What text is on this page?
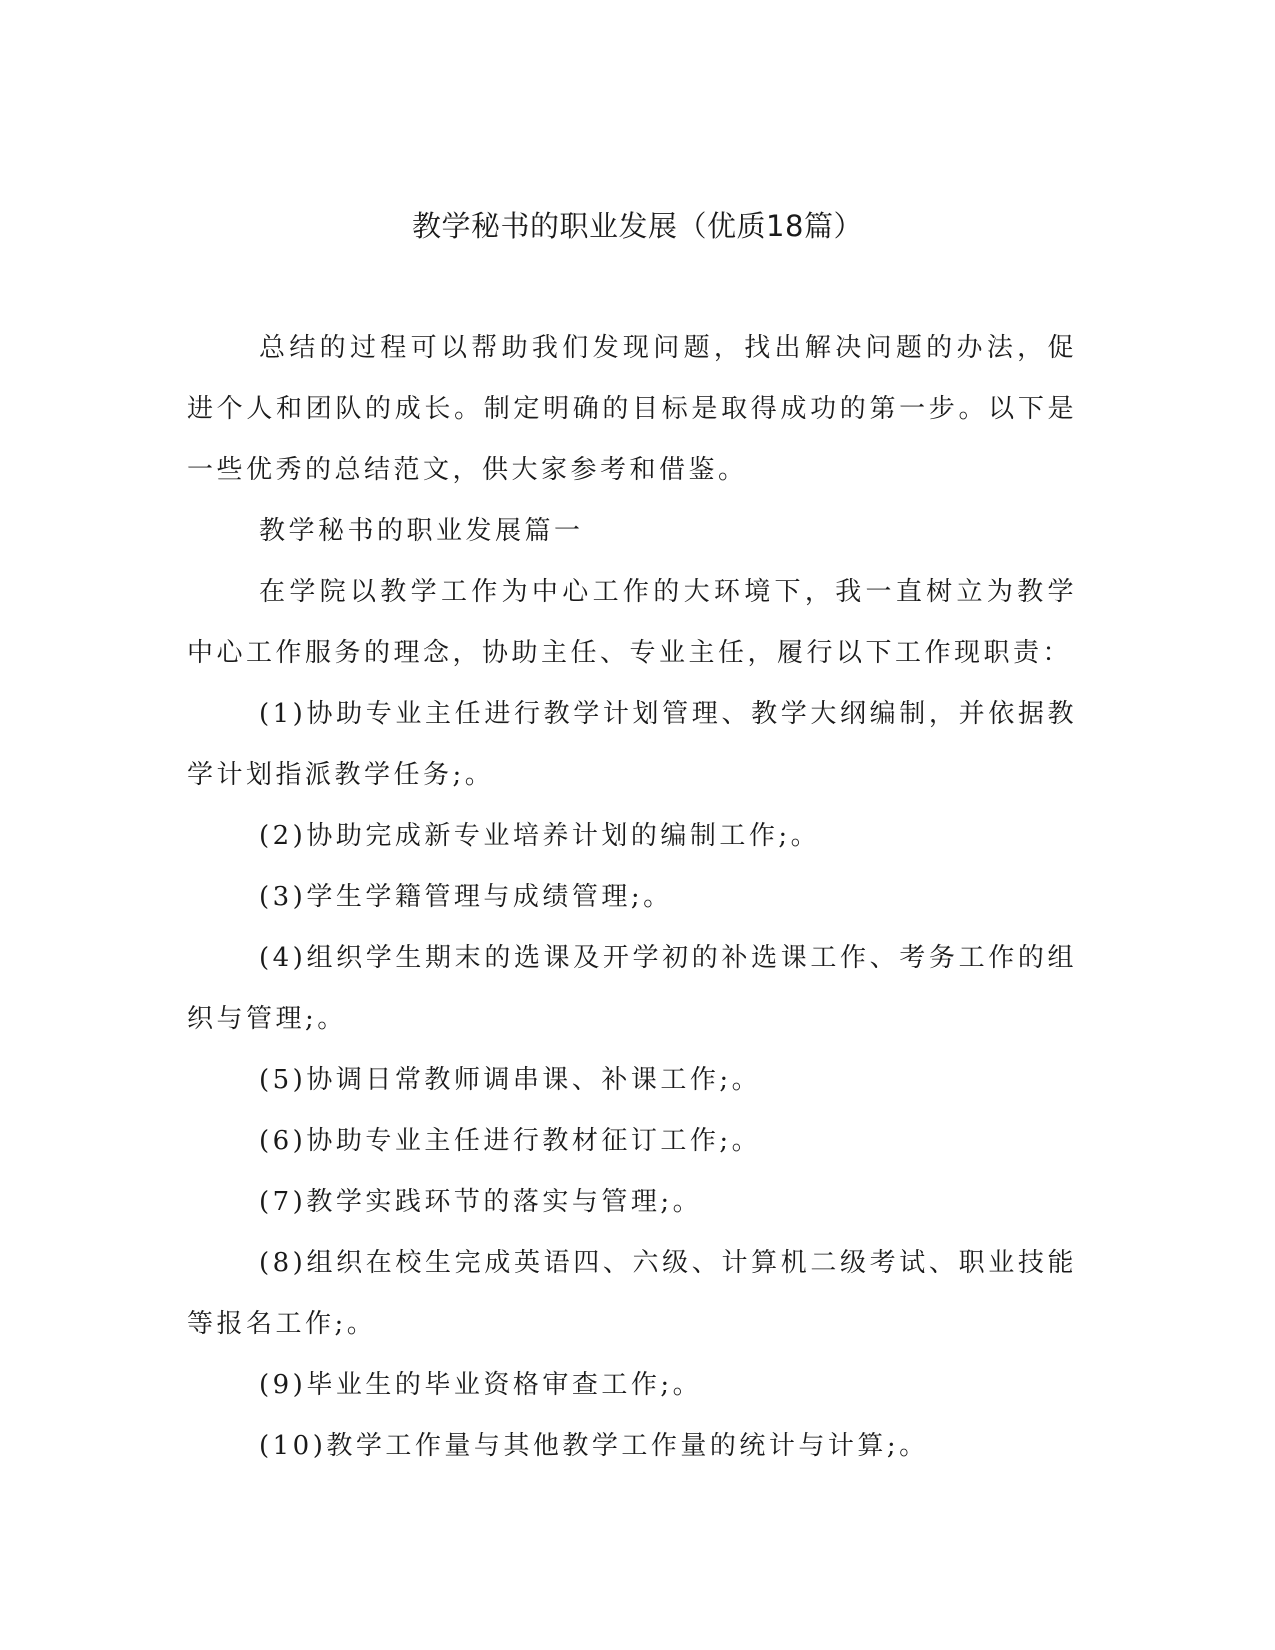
教学秘书的职业发展（优质18篇）

总结的过程可以帮助我们发现问题，找出解决问题的办法，促进个人和团队的成长。制定明确的目标是取得成功的第一步。以下是一些优秀的总结范文，供大家参考和借鉴。

教学秘书的职业发展篇一

在学院以教学工作为中心工作的大环境下，我一直树立为教学中心工作服务的理念，协助主任、专业主任，履行以下工作现职责：

(1)协助专业主任进行教学计划管理、教学大纲编制，并依据教学计划指派教学任务;。

(2)协助完成新专业培养计划的编制工作;。

(3)学生学籍管理与成绩管理;。

(4)组织学生期末的选课及开学初的补选课工作、考务工作的组织与管理;。

(5)协调日常教师调串课、补课工作;。

(6)协助专业主任进行教材征订工作;。

(7)教学实践环节的落实与管理;。

(8)组织在校生完成英语四、六级、计算机二级考试、职业技能等报名工作;。

(9)毕业生的毕业资格审查工作;。

(10)教学工作量与其他教学工作量的统计与计算;。
